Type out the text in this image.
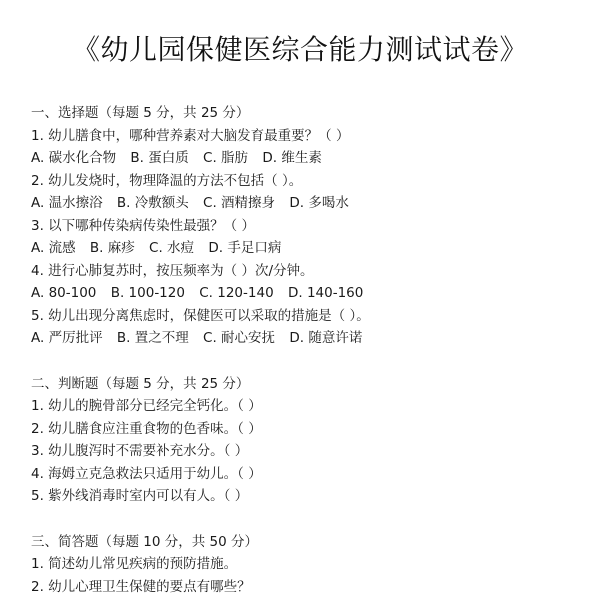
《幼儿园保健医综合能力测试试卷》
一、选择题（每题 5 分，共 25 分）
1. 幼儿膳食中，哪种营养素对大脑发育最重要？（ ）
A. 碳水化合物 B. 蛋白质 C. 脂肪 D. 维生素
2. 幼儿发烧时，物理降温的方法不包括（ ）。
A. 温水擦浴 B. 冷敷额头 C. 酒精擦身 D. 多喝水
3. 以下哪种传染病传染性最强？（ ）
A. 流感 B. 麻疹 C. 水痘 D. 手足口病
4. 进行心肺复苏时，按压频率为（ ）次/分钟。
A. 80-100 B. 100-120 C. 120-140 D. 140-160
5. 幼儿出现分离焦虑时，保健医可以采取的措施是（ ）。
A. 严厉批评 B. 置之不理 C. 耐心安抚 D. 随意许诺
二、判断题（每题 5 分，共 25 分）
1. 幼儿的腕骨部分已经完全钙化。（ ）
2. 幼儿膳食应注重食物的色香味。（ ）
3. 幼儿腹泻时不需要补充水分。（ ）
4. 海姆立克急救法只适用于幼儿。（ ）
5. 紫外线消毒时室内可以有人。（ ）
三、简答题（每题 10 分，共 50 分）
1. 简述幼儿常见疾病的预防措施。
2. 幼儿心理卫生保健的要点有哪些？
